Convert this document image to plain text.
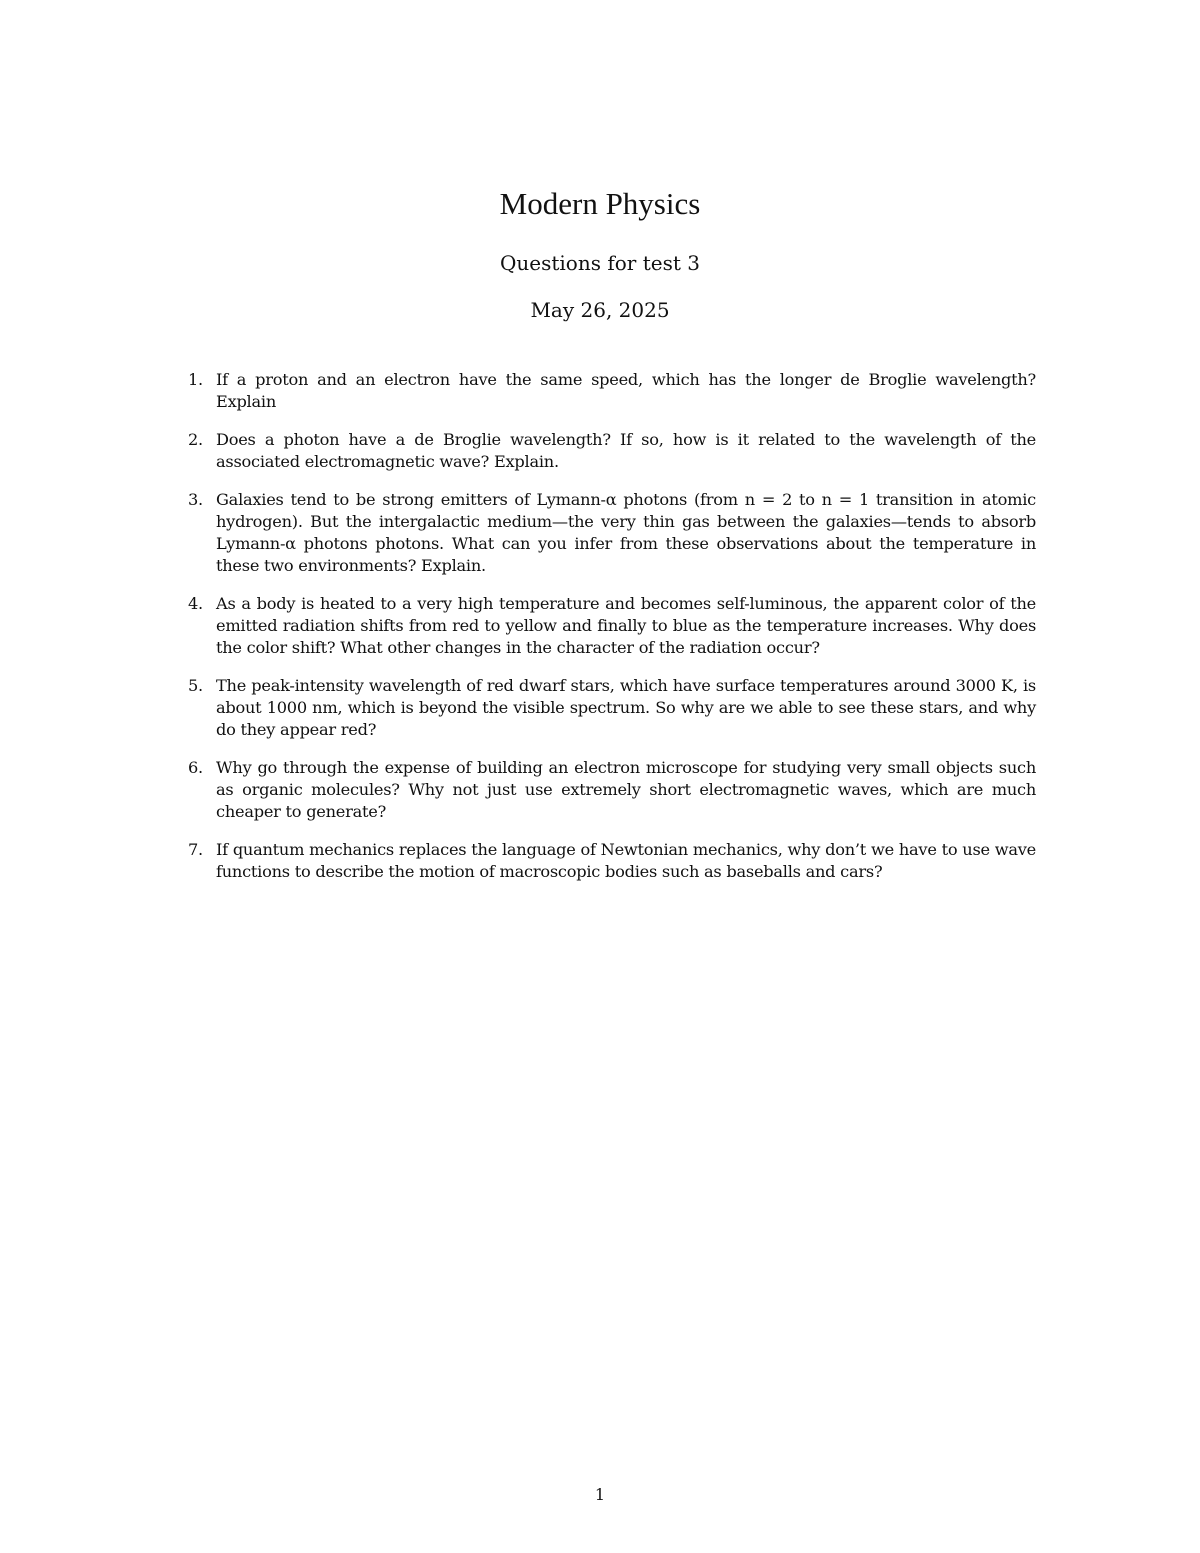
Modern Physics
Questions for test 3
May 26, 2025
1. If a proton and an electron have the same speed, which has the longer de Broglie wavelength? Explain
2. Does a photon have a de Broglie wavelength? If so, how is it related to the wavelength of the associated electromagnetic wave? Explain.
3. Galaxies tend to be strong emitters of Lymann-α photons (from n = 2 to n = 1 transition in atomic hydrogen). But the intergalactic medium—the very thin gas between the galaxies—tends to absorb Lymann-α photons photons. What can you infer from these observations about the temperature in these two environments? Explain.
4. As a body is heated to a very high temperature and becomes self-luminous, the apparent color of the emitted radiation shifts from red to yellow and finally to blue as the temperature increases. Why does the color shift? What other changes in the character of the radiation occur?
5. The peak-intensity wavelength of red dwarf stars, which have surface temperatures around 3000 K, is about 1000 nm, which is beyond the visible spectrum. So why are we able to see these stars, and why do they appear red?
6. Why go through the expense of building an electron microscope for studying very small objects such as organic molecules? Why not just use extremely short electromagnetic waves, which are much cheaper to generate?
7. If quantum mechanics replaces the language of Newtonian mechanics, why don’t we have to use wave functions to describe the motion of macroscopic bodies such as baseballs and cars?
1
